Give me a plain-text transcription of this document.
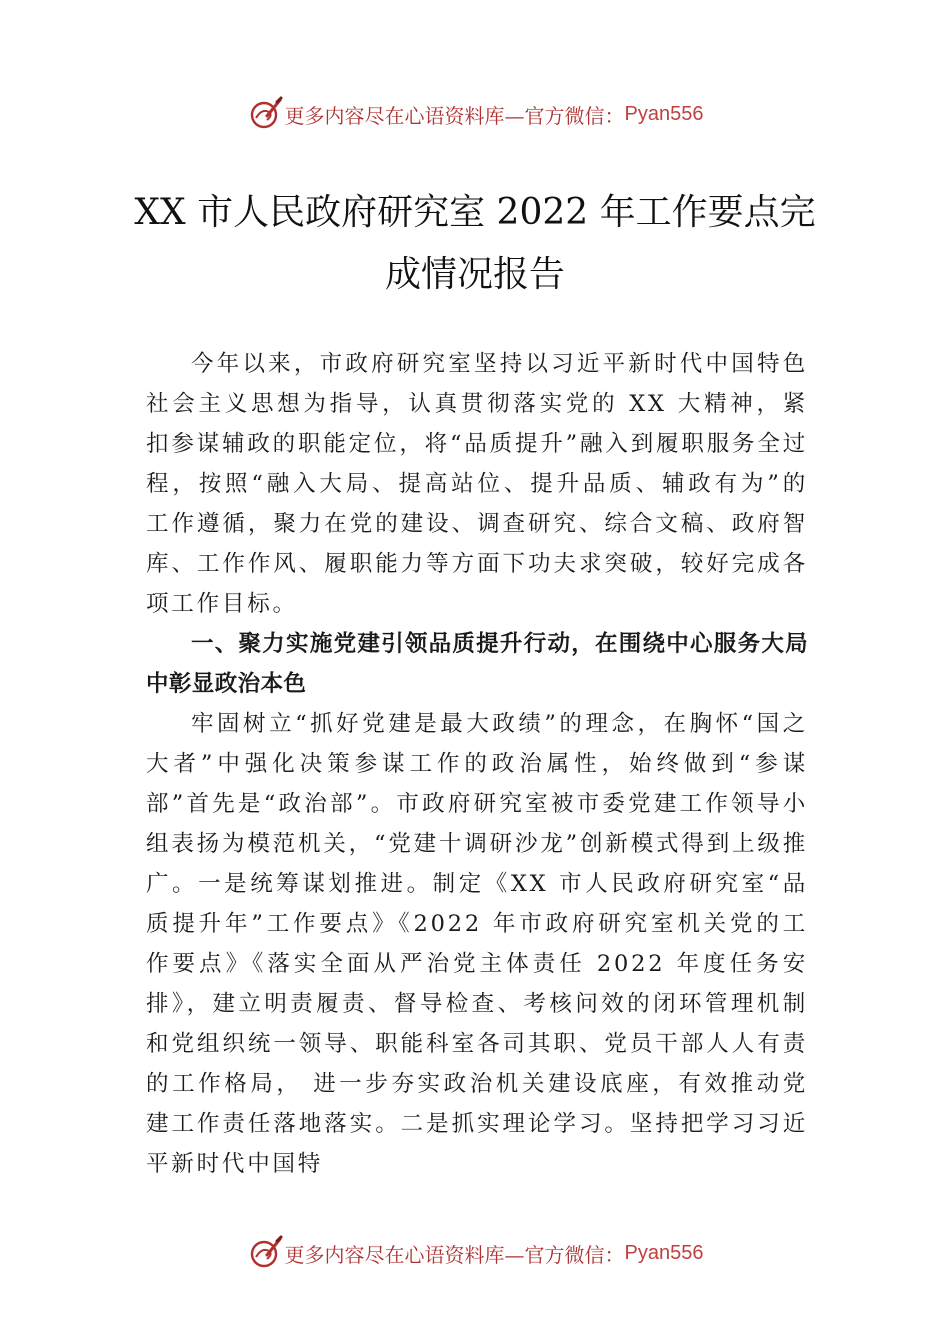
更多内容尽在心语资料库—官方微信： Pyan556
XX 市人民政府研究室 2022 年工作要点完
成情况报告

今年以来，市政府研究室坚持以习近平新时代中国特色社会主义思想为指导，认真贯彻落实党的 XX 大精神，紧扣参谋辅政的职能定位，将“品质提升”融入到履职服务全过程，按照“融入大局、提高站位、提升品质、辅政有为”的 工作遵循，聚力在党的建设、调查研究、综合文稿、政府智库、工作作风、履职能力等方面下功夫求突破，较好完成各项工作目标。

一、聚力实施党建引领品质提升行动，在围绕中心服务大局中彰显政治本色

牢固树立“抓好党建是最大政绩”的理念，在胸怀“国之大者”中强化决策参谋工作的政治属性，始终做到“参谋部”首先是“政治部”。市政府研究室被市委党建工作领导小组表扬为模范机关，“党建十调研沙龙”创新模式得到上级推广。一是统筹谋划推进。制定《XX 市人民政府研究室“品质提升年”工作要点》《2022 年市政府研究室机关党的工作要点》《落实全面从严治党主体责任 2022 年度任务安排》，建立明责履责、督导检查、考核问效的闭环管理机制和党组织统一领导、职能科室各司其职、党员干部人人有责的工作格局， 进一步夯实政治机关建设底座，有效推动党建工作责任落地落实。二是抓实理论学习。坚持把学习习近平新时代中国特

更多内容尽在心语资料库—官方微信： Pyan556
